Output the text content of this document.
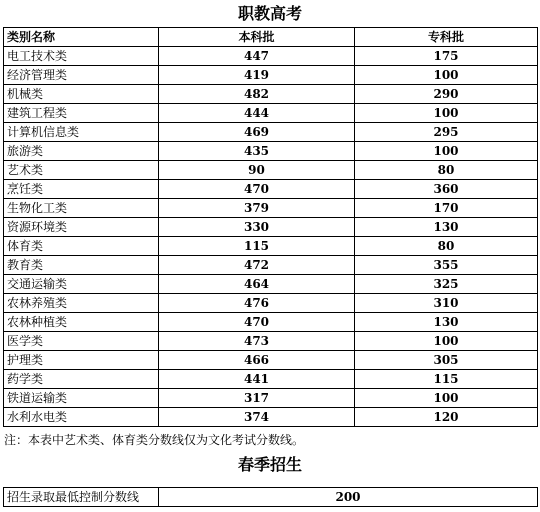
职教高考
类别名称	本科批	专科批
电工技术类	447	175
经济管理类	419	100
机械类	482	290
建筑工程类	444	100
计算机信息类	469	295
旅游类	435	100
艺术类	90	80
烹饪类	470	360
生物化工类	379	170
资源环境类	330	130
体育类	115	80
教育类	472	355
交通运输类	464	325
农林养殖类	476	310
农林种植类	470	130
医学类	473	100
护理类	466	305
药学类	441	115
铁道运输类	317	100
水利水电类	374	120
注：本表中艺术类、体育类分数线仅为文化考试分数线。
春季招生
招生录取最低控制分数线	200
